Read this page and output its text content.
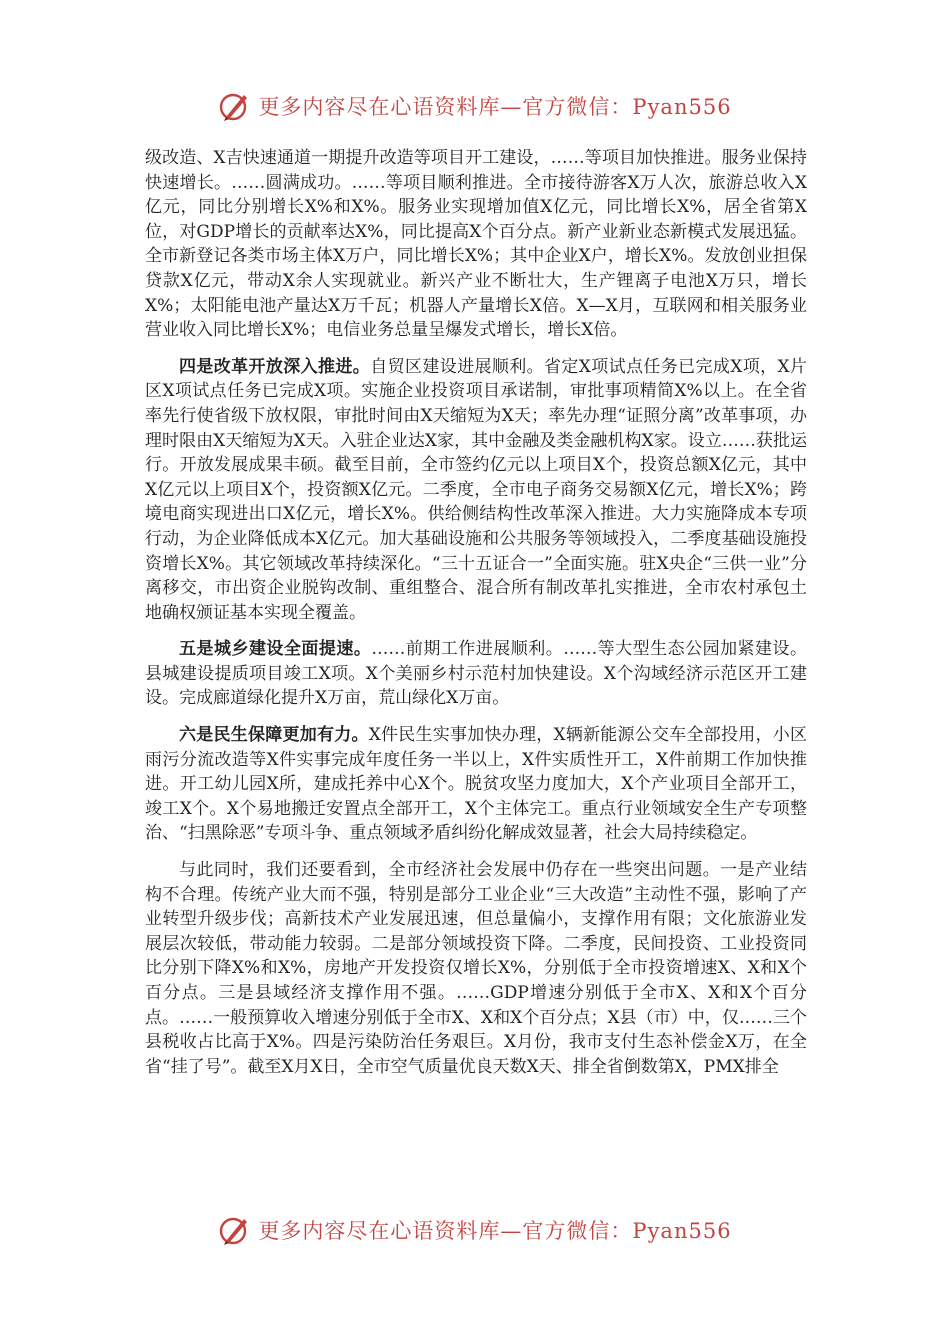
更多内容尽在心语资料库—官方微信：Pyan556

级改造、X吉快速通道一期提升改造等项目开工建设，……等项目加快推进。服务业保持快速增长。……圆满成功。……等项目顺利推进。全市接待游客X万人次，旅游总收入X亿元，同比分别增长X%和X%。服务业实现增加值X亿元，同比增长X%，居全省第X位，对GDP增长的贡献率达X%，同比提高X个百分点。新产业新业态新模式发展迅猛。全市新登记各类市场主体X万户，同比增长X%；其中企业X户，增长X%。发放创业担保贷款X亿元，带动X余人实现就业。新兴产业不断壮大，生产锂离子电池X万只，增长X%；太阳能电池产量达X万千瓦；机器人产量增长X倍。X—X月，互联网和相关服务业营业收入同比增长X%；电信业务总量呈爆发式增长，增长X倍。

四是改革开放深入推进。自贸区建设进展顺利。省定X项试点任务已完成X项，X片区X项试点任务已完成X项。实施企业投资项目承诺制，审批事项精简X%以上。在全省率先行使省级下放权限，审批时间由X天缩短为X天；率先办理“证照分离”改革事项，办理时限由X天缩短为X天。入驻企业达X家，其中金融及类金融机构X家。设立……获批运行。开放发展成果丰硕。截至目前，全市签约亿元以上项目X个，投资总额X亿元，其中X亿元以上项目X个，投资额X亿元。二季度，全市电子商务交易额X亿元，增长X%；跨境电商实现进出口X亿元，增长X%。供给侧结构性改革深入推进。大力实施降成本专项行动，为企业降低成本X亿元。加大基础设施和公共服务等领域投入，二季度基础设施投资增长X%。其它领域改革持续深化。“三十五证合一”全面实施。驻X央企“三供一业”分离移交，市出资企业脱钩改制、重组整合、混合所有制改革扎实推进，全市农村承包土地确权颁证基本实现全覆盖。

五是城乡建设全面提速。……前期工作进展顺利。……等大型生态公园加紧建设。县城建设提质项目竣工X项。X个美丽乡村示范村加快建设。X个沟域经济示范区开工建设。完成廊道绿化提升X万亩，荒山绿化X万亩。

六是民生保障更加有力。X件民生实事加快办理，X辆新能源公交车全部投用，小区雨污分流改造等X件实事完成年度任务一半以上，X件实质性开工，X件前期工作加快推进。开工幼儿园X所，建成托养中心X个。脱贫攻坚力度加大，X个产业项目全部开工，竣工X个。X个易地搬迁安置点全部开工，X个主体完工。重点行业领域安全生产专项整治、“扫黑除恶”专项斗争、重点领域矛盾纠纷化解成效显著，社会大局持续稳定。

与此同时，我们还要看到，全市经济社会发展中仍存在一些突出问题。一是产业结构不合理。传统产业大而不强，特别是部分工业企业“三大改造”主动性不强，影响了产业转型升级步伐；高新技术产业发展迅速，但总量偏小，支撑作用有限；文化旅游业发展层次较低，带动能力较弱。二是部分领域投资下降。二季度，民间投资、工业投资同比分别下降X%和X%，房地产开发投资仅增长X%，分别低于全市投资增速X、X和X个百分点。三是县域经济支撑作用不强。……GDP增速分别低于全市X、X和X个百分点。……一般预算收入增速分别低于全市X、X和X个百分点；X县（市）中，仅……三个县税收占比高于X%。四是污染防治任务艰巨。X月份，我市支付生态补偿金X万，在全省“挂了号”。截至X月X日，全市空气质量优良天数X天、排全省倒数第X，PMX排全

更多内容尽在心语资料库—官方微信：Pyan556
